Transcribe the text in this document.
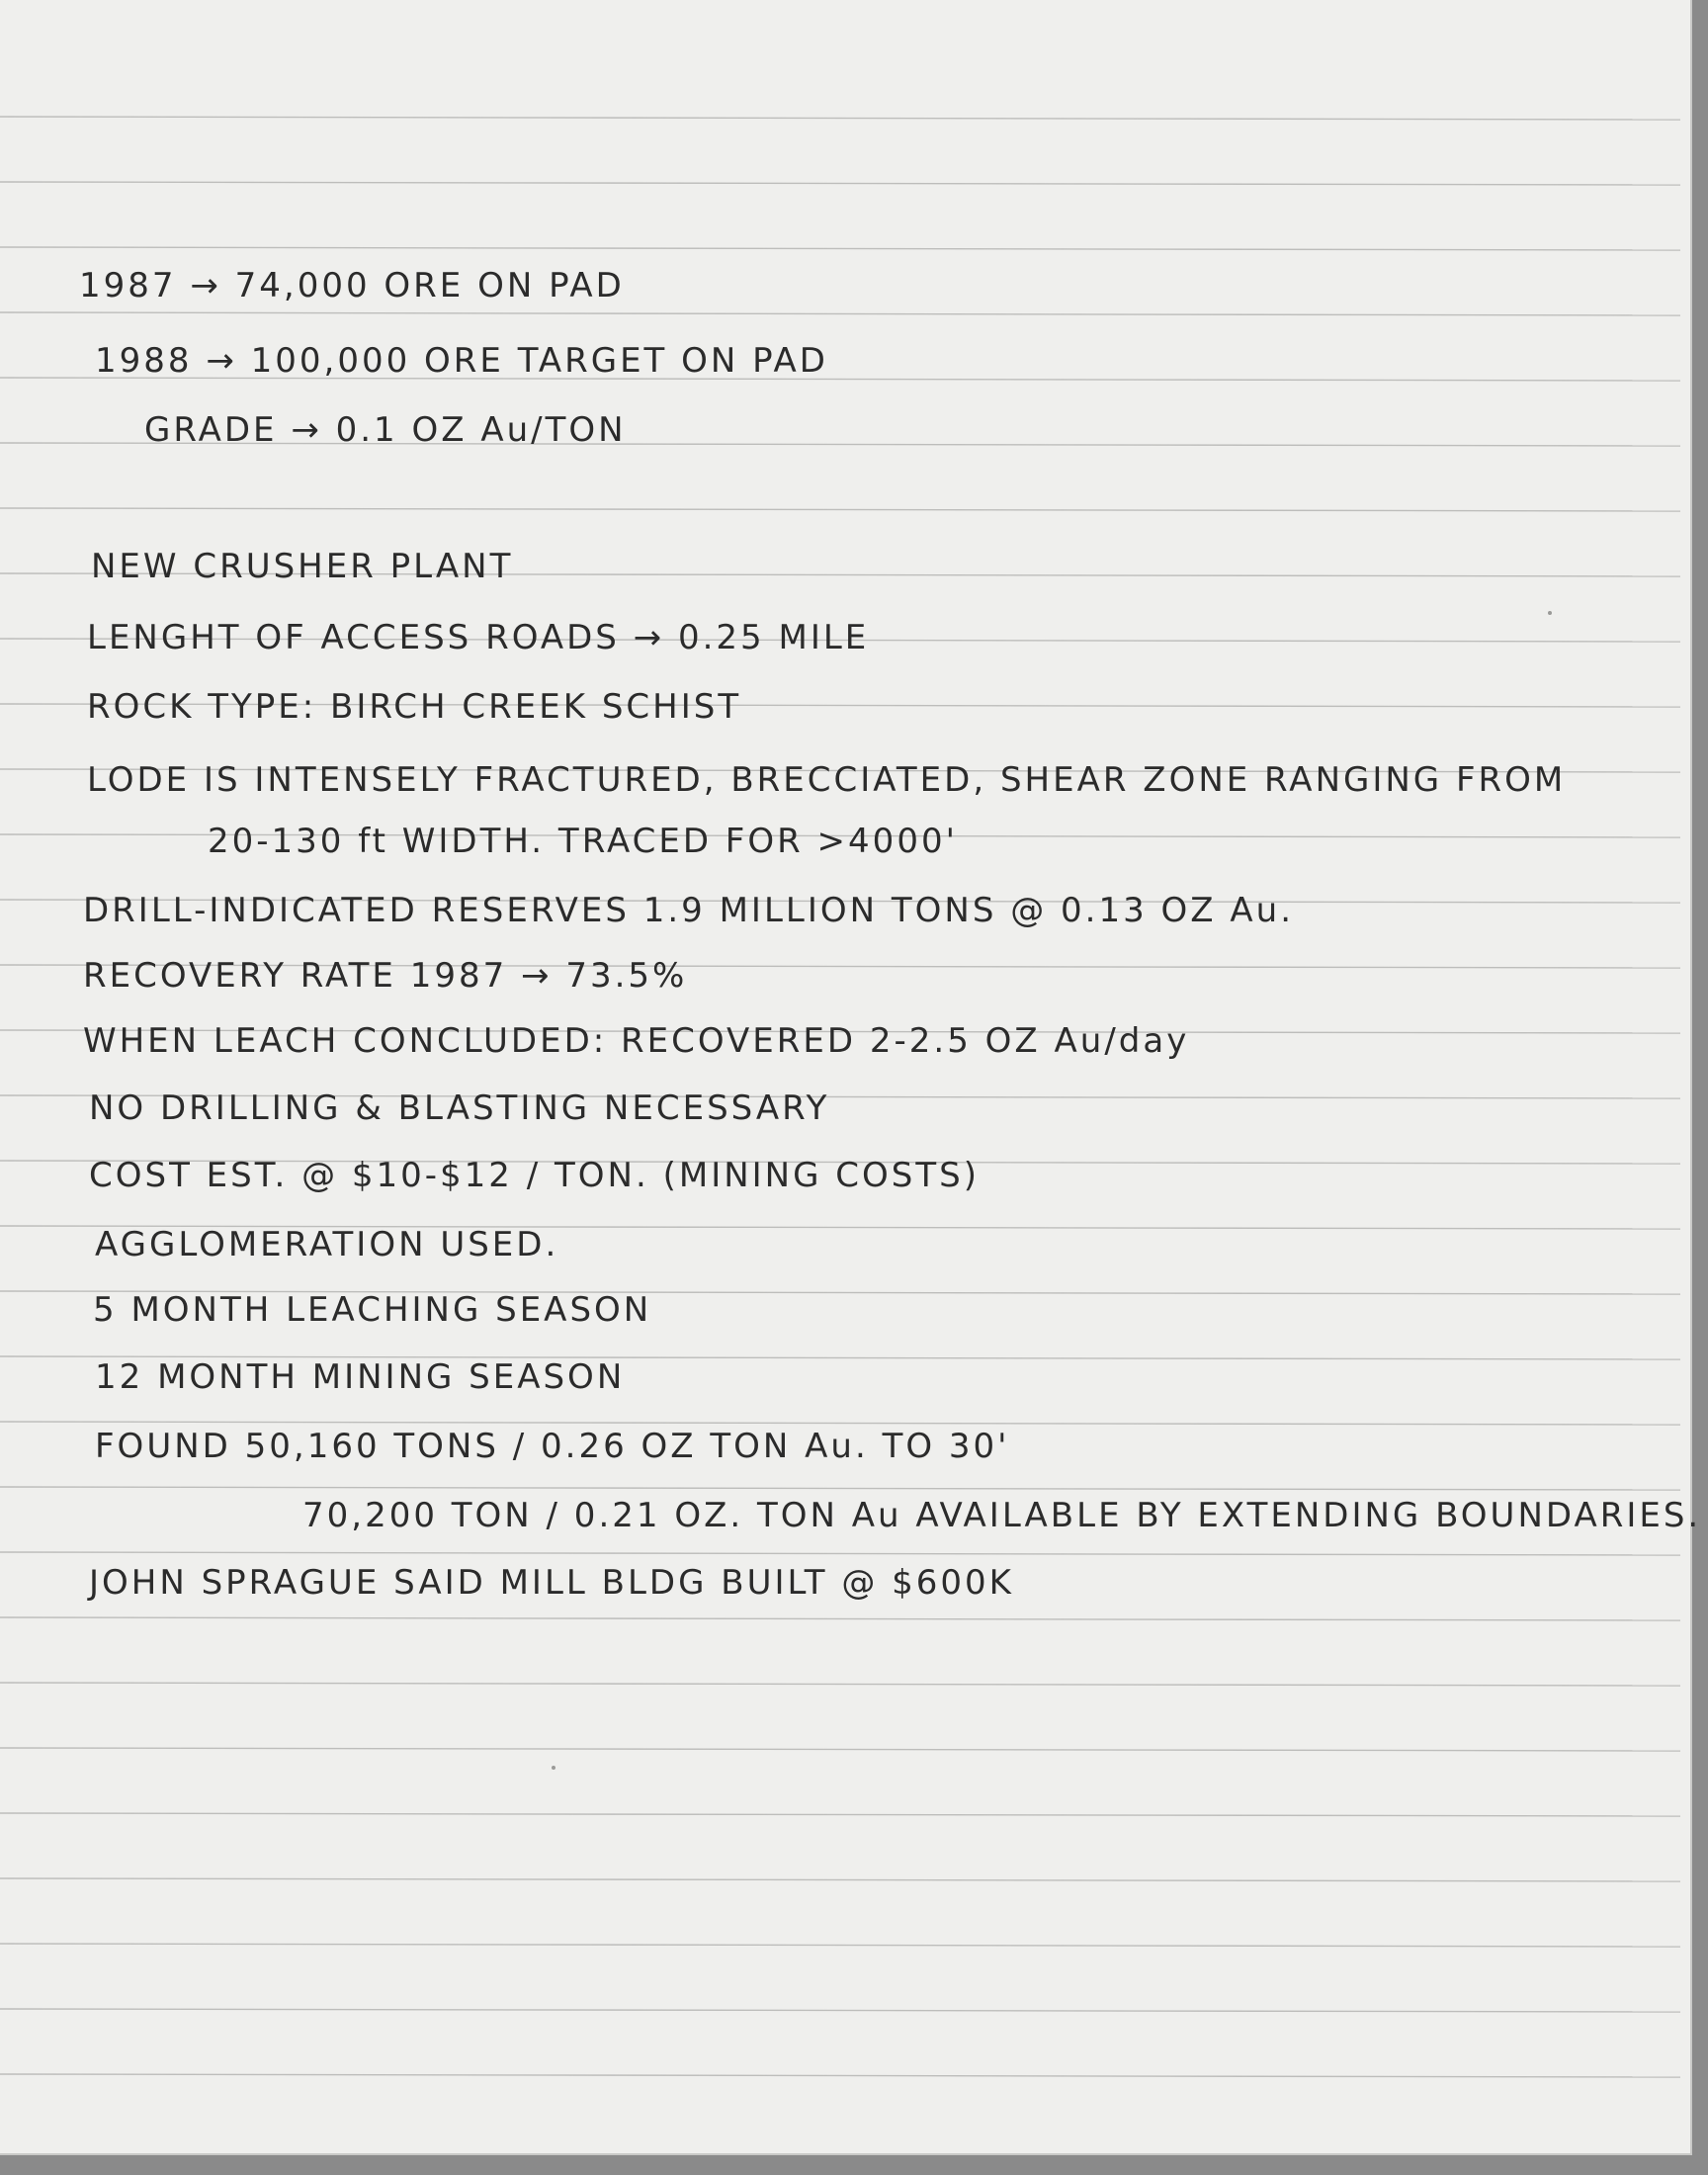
1987 → 74,000 ORE ON PAD
1988 → 100,000 ORE TARGET ON PAD
GRADE → 0.1 OZ Au/TON
NEW CRUSHER PLANT
LENGHT OF ACCESS ROADS → 0.25 MILE
ROCK TYPE: BIRCH CREEK SCHIST
LODE IS INTENSELY FRACTURED, BRECCIATED, SHEAR ZONE RANGING FROM
20-130 ft WIDTH. TRACED FOR >4000'
DRILL-INDICATED RESERVES 1.9 MILLION TONS @ 0.13 OZ Au.
RECOVERY RATE 1987 → 73.5%
WHEN LEACH CONCLUDED: RECOVERED 2-2.5 OZ Au/day
NO DRILLING & BLASTING NECESSARY
COST EST. @ $10-$12 / TON. (MINING COSTS)
AGGLOMERATION USED.
5 MONTH LEACHING SEASON
12 MONTH MINING SEASON
FOUND 50,160 TONS / 0.26 OZ TON Au. TO 30'
70,200 TON / 0.21 OZ. TON Au AVAILABLE BY EXTENDING BOUNDARIES.
JOHN SPRAGUE SAID MILL BLDG BUILT @ $600K
